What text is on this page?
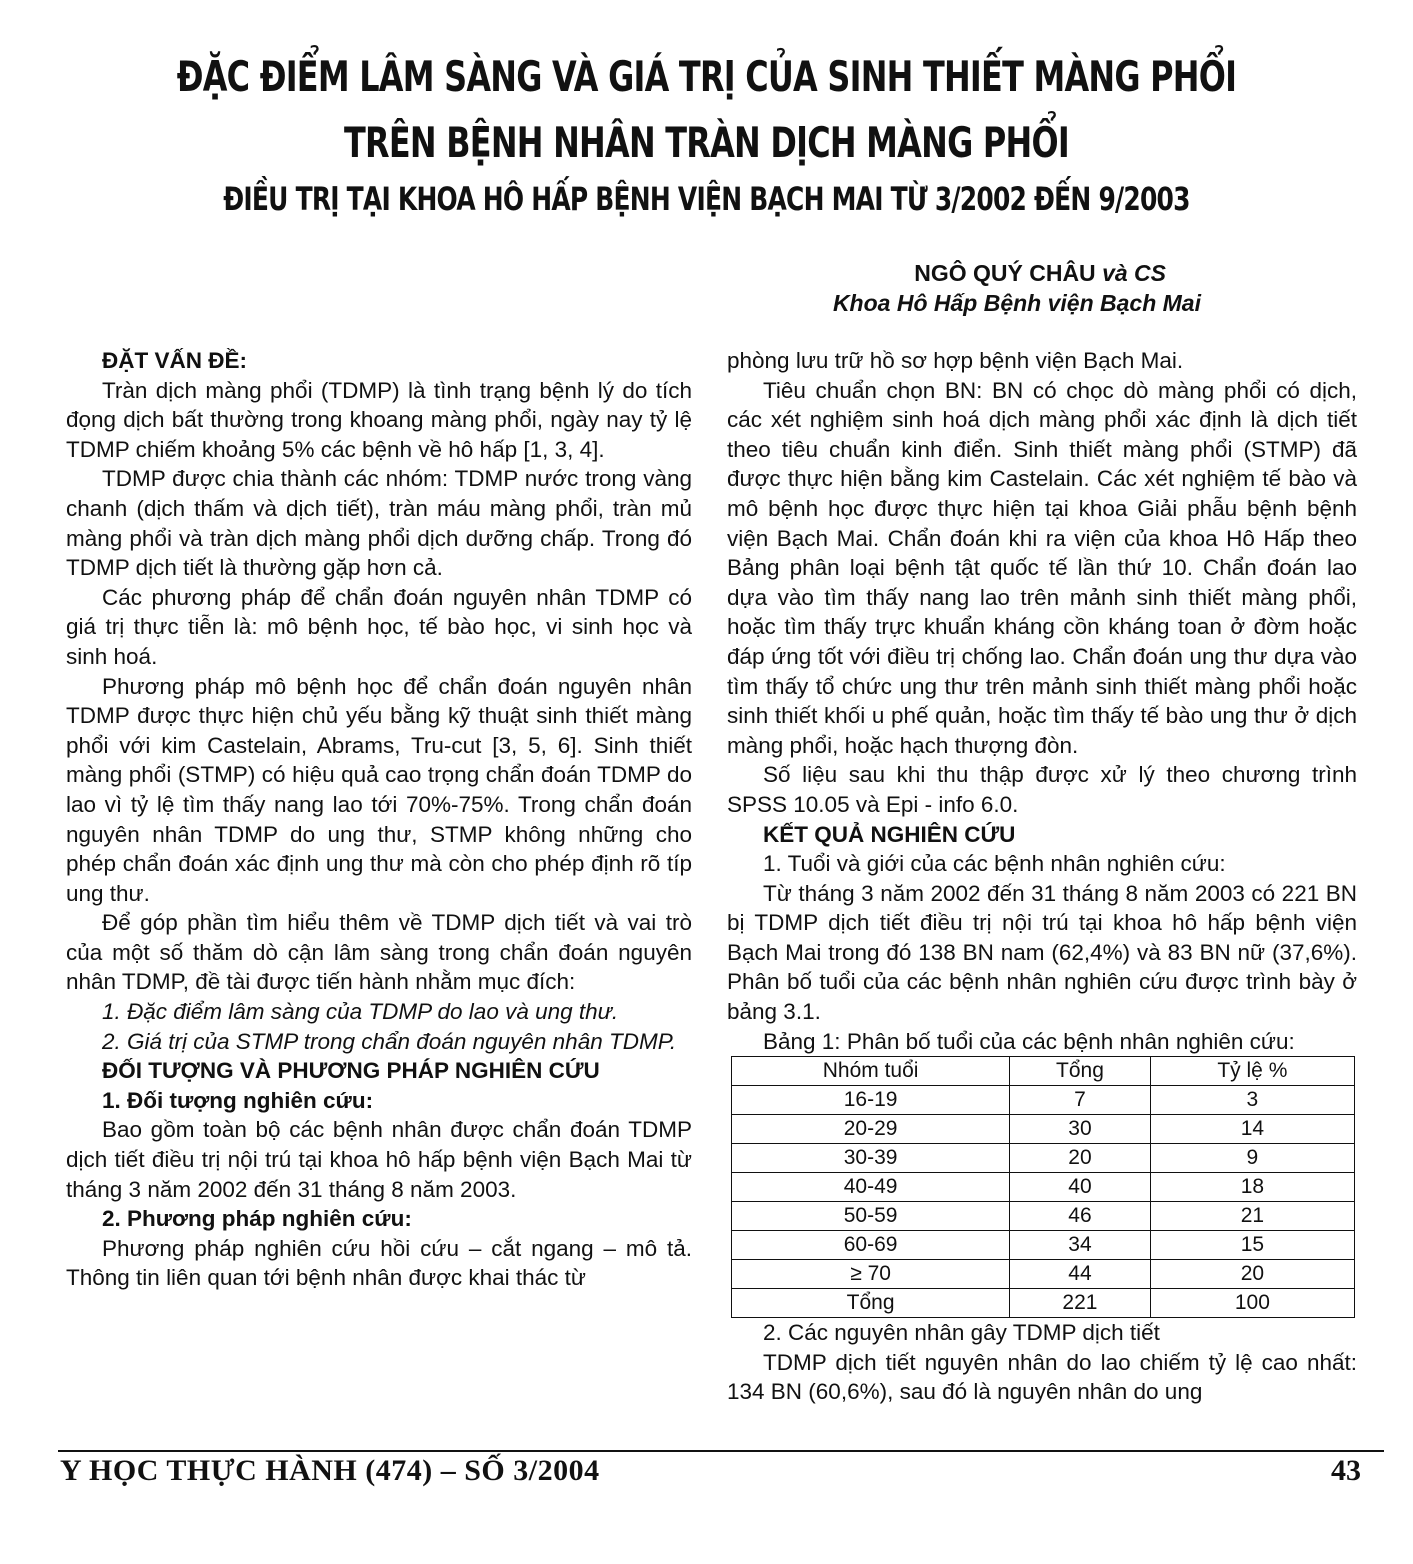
ĐẶC ĐIỂM LÂM SÀNG VÀ GIÁ TRỊ CỦA SINH THIẾT MÀNG PHỔI
TRÊN BỆNH NHÂN TRÀN DỊCH MÀNG PHỔI
ĐIỀU TRỊ TẠI KHOA HÔ HẤP BỆNH VIỆN BẠCH MAI TỪ 3/2002 ĐẾN 9/2003
NGÔ QUÝ CHÂU và CS
Khoa Hô Hấp Bệnh viện Bạch Mai
ĐẶT VẤN ĐỀ:

Tràn dịch màng phổi (TDMP) là tình trạng bệnh lý do tích đọng dịch bất thường trong khoang màng phổi, ngày nay tỷ lệ TDMP chiếm khoảng 5% các bệnh về hô hấp [1, 3, 4].

TDMP được chia thành các nhóm: TDMP nước trong vàng chanh (dịch thấm và dịch tiết), tràn máu màng phổi, tràn mủ màng phổi và tràn dịch màng phổi dịch dưỡng chấp. Trong đó TDMP dịch tiết là thường gặp hơn cả.

Các phương pháp để chẩn đoán nguyên nhân TDMP có giá trị thực tiễn là: mô bệnh học, tế bào học, vi sinh học và sinh hoá.

Phương pháp mô bệnh học để chẩn đoán nguyên nhân TDMP được thực hiện chủ yếu bằng kỹ thuật sinh thiết màng phổi với kim Castelain, Abrams, Tru-cut [3, 5, 6]. Sinh thiết màng phổi (STMP) có hiệu quả cao trọng chẩn đoán TDMP do lao vì tỷ lệ tìm thấy nang lao tới 70%-75%. Trong chẩn đoán nguyên nhân TDMP do ung thư, STMP không những cho phép chẩn đoán xác định ung thư mà còn cho phép định rõ típ ung thư.

Để góp phần tìm hiểu thêm về TDMP dịch tiết và vai trò của một số thăm dò cận lâm sàng trong chẩn đoán nguyên nhân TDMP, đề tài được tiến hành nhằm mục đích:

1. Đặc điểm lâm sàng của TDMP do lao và ung thư.

2. Giá trị của STMP trong chẩn đoán nguyên nhân TDMP.

ĐỐI TƯỢNG VÀ PHƯƠNG PHÁP NGHIÊN CỨU
1. Đối tượng nghiên cứu:

Bao gồm toàn bộ các bệnh nhân được chẩn đoán TDMP dịch tiết điều trị nội trú tại khoa hô hấp bệnh viện Bạch Mai từ tháng 3 năm 2002 đến 31 tháng 8 năm 2003.

2. Phương pháp nghiên cứu:

Phương pháp nghiên cứu hồi cứu – cắt ngang – mô tả. Thông tin liên quan tới bệnh nhân được khai thác từ

phòng lưu trữ hồ sơ hợp bệnh viện Bạch Mai.

Tiêu chuẩn chọn BN: BN có chọc dò màng phổi có dịch, các xét nghiệm sinh hoá dịch màng phổi xác định là dịch tiết theo tiêu chuẩn kinh điển. Sinh thiết màng phổi (STMP) đã được thực hiện bằng kim Castelain. Các xét nghiệm tế bào và mô bệnh học được thực hiện tại khoa Giải phẫu bệnh bệnh viện Bạch Mai. Chẩn đoán khi ra viện của khoa Hô Hấp theo Bảng phân loại bệnh tật quốc tế lần thứ 10. Chẩn đoán lao dựa vào tìm thấy nang lao trên mảnh sinh thiết màng phổi, hoặc tìm thấy trực khuẩn kháng cồn kháng toan ở đờm hoặc đáp ứng tốt với điều trị chống lao. Chẩn đoán ung thư dựa vào tìm thấy tổ chức ung thư trên mảnh sinh thiết màng phổi hoặc sinh thiết khối u phế quản, hoặc tìm thấy tế bào ung thư ở dịch màng phổi, hoặc hạch thượng đòn.

Số liệu sau khi thu thập được xử lý theo chương trình SPSS 10.05 và Epi - info 6.0.

KẾT QUẢ NGHIÊN CỨU

1. Tuổi và giới của các bệnh nhân nghiên cứu:

Từ tháng 3 năm 2002 đến 31 tháng 8 năm 2003 có 221 BN bị TDMP dịch tiết điều trị nội trú tại khoa hô hấp bệnh viện Bạch Mai trong đó 138 BN nam (62,4%) và 83 BN nữ (37,6%). Phân bố tuổi của các bệnh nhân nghiên cứu được trình bày ở bảng 3.1.

Bảng 1: Phân bố tuổi của các bệnh nhân nghiên cứu:

Nhóm tuổi	Tổng	Tỷ lệ %
16-19	7	3
20-29	30	14
30-39	20	9
40-49	40	18
50-59	46	21
60-69	34	15
≥ 70	44	20
Tổng	221	100

2. Các nguyên nhân gây TDMP dịch tiết

TDMP dịch tiết nguyên nhân do lao chiếm tỷ lệ cao nhất: 134 BN (60,6%), sau đó là nguyên nhân do ung

Y HỌC THỰC HÀNH (474) – SỐ 3/2004	43
